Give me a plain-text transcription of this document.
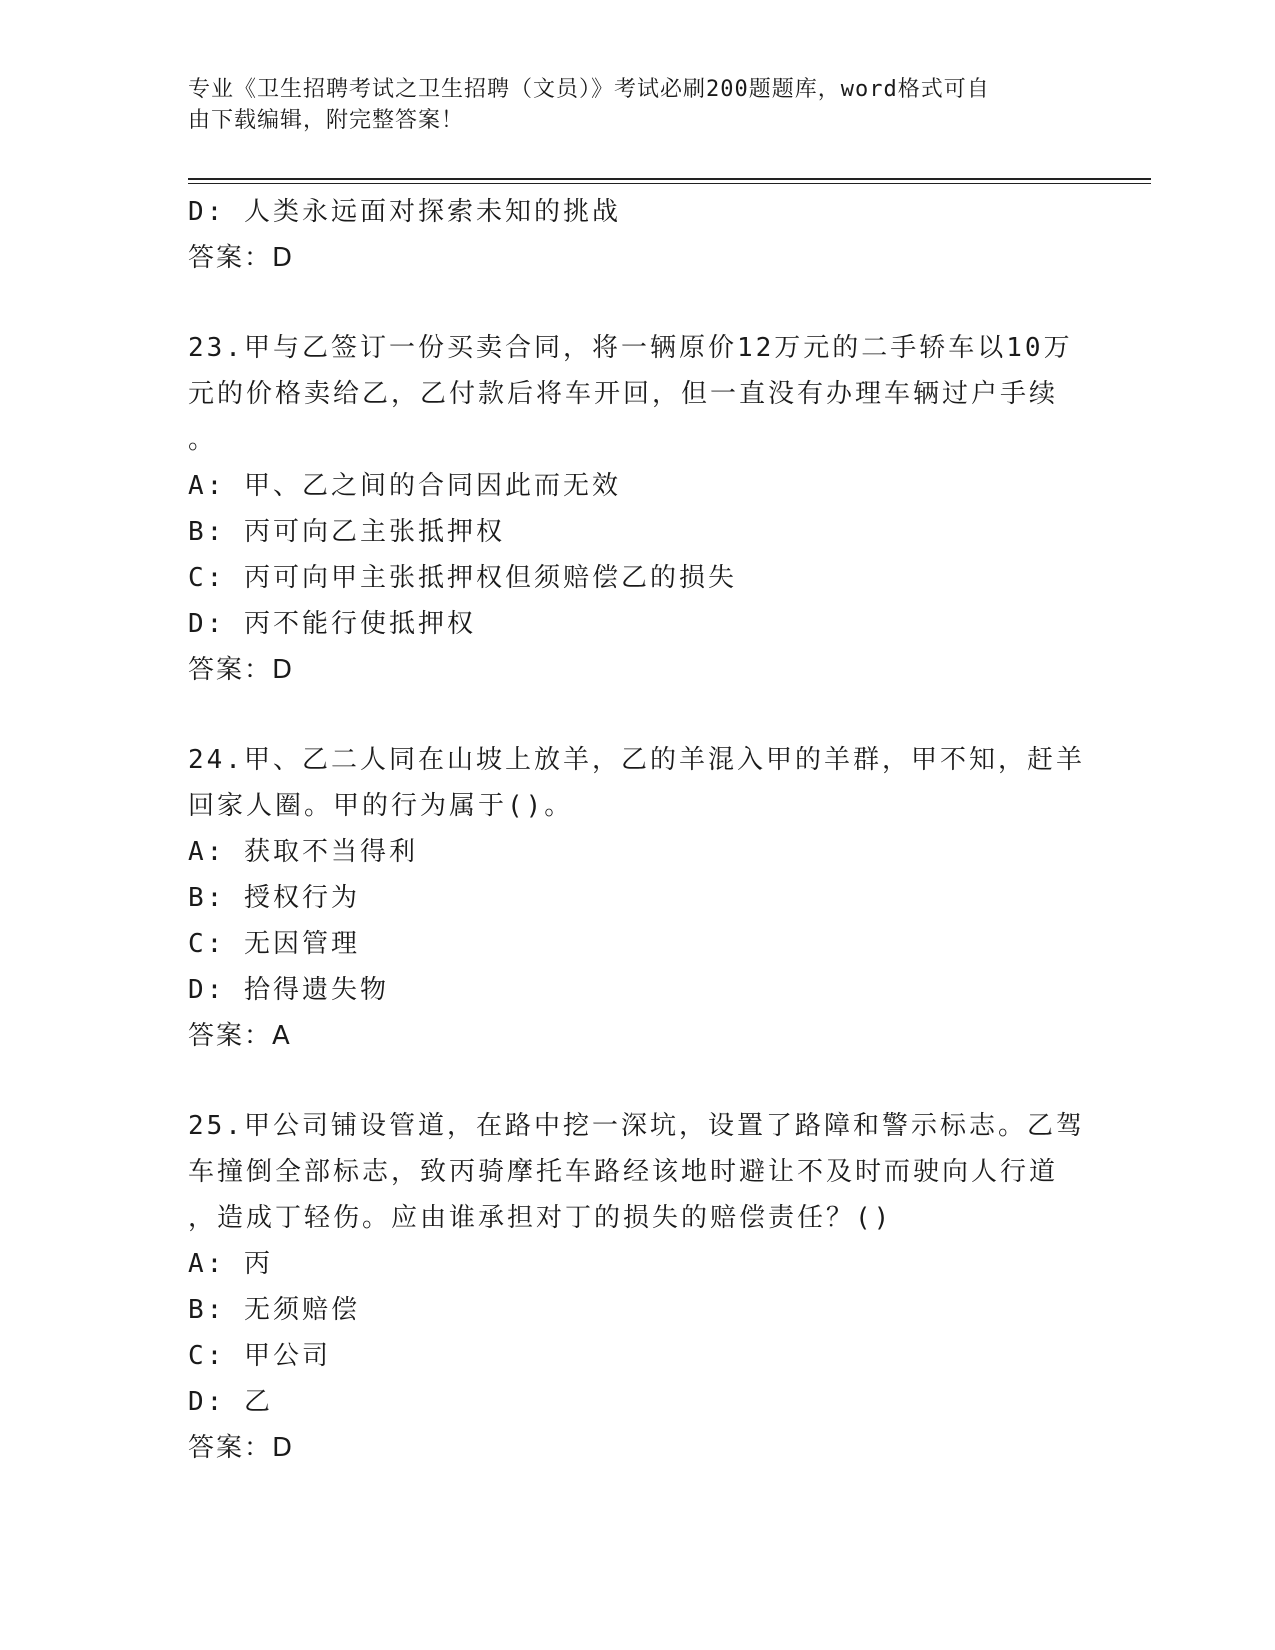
专业《卫生招聘考试之卫生招聘（文员）》考试必刷200题题库，word格式可自
由下载编辑，附完整答案！
D: 人类永远面对探索未知的挑战
答案：D
23.甲与乙签订一份买卖合同，将一辆原价12万元的二手轿车以10万
元的价格卖给乙，乙付款后将车开回，但一直没有办理车辆过户手续
。
A: 甲、乙之间的合同因此而无效
B: 丙可向乙主张抵押权
C: 丙可向甲主张抵押权但须赔偿乙的损失
D: 丙不能行使抵押权
答案：D
24.甲、乙二人同在山坡上放羊，乙的羊混入甲的羊群，甲不知，赶羊
回家人圈。甲的行为属于()。
A: 获取不当得利
B: 授权行为
C: 无因管理
D: 拾得遗失物
答案：A
25.甲公司铺设管道，在路中挖一深坑，设置了路障和警示标志。乙驾
车撞倒全部标志，致丙骑摩托车路经该地时避让不及时而驶向人行道
，造成丁轻伤。应由谁承担对丁的损失的赔偿责任？()
A: 丙
B: 无须赔偿
C: 甲公司
D: 乙
答案：D
